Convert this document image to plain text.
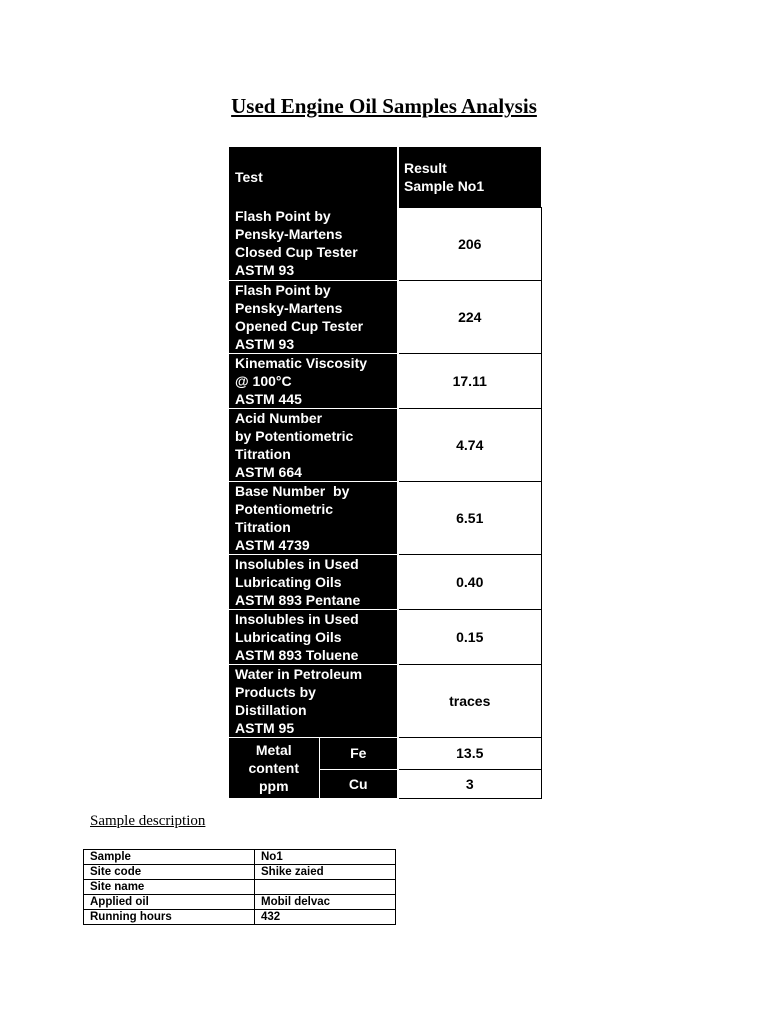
Used Engine Oil Samples Analysis
Test		Result
Sample No1

Flash Point by
Pensky-Martens
Closed Cup Tester
ASTM 93		206

Flash Point by
Pensky-Martens
Opened Cup Tester
ASTM 93		224

Kinematic Viscosity
@ 100°C
ASTM 445		17.11

Acid Number
by Potentiometric
Titration
ASTM 664		4.74

Base Number  by
Potentiometric
Titration
ASTM 4739		6.51

Insolubles in Used
Lubricating Oils
ASTM 893 Pentane		0.40

Insolubles in Used
Lubricating Oils
ASTM 893 Toluene		0.15

Water in Petroleum
Products by
Distillation
ASTM 95		traces

Metal
content
ppm	Fe	13.5
	Cu	3
Sample description
Sample	No1
Site code	Shike zaied
Site name	
Applied oil	Mobil delvac
Running hours	432
